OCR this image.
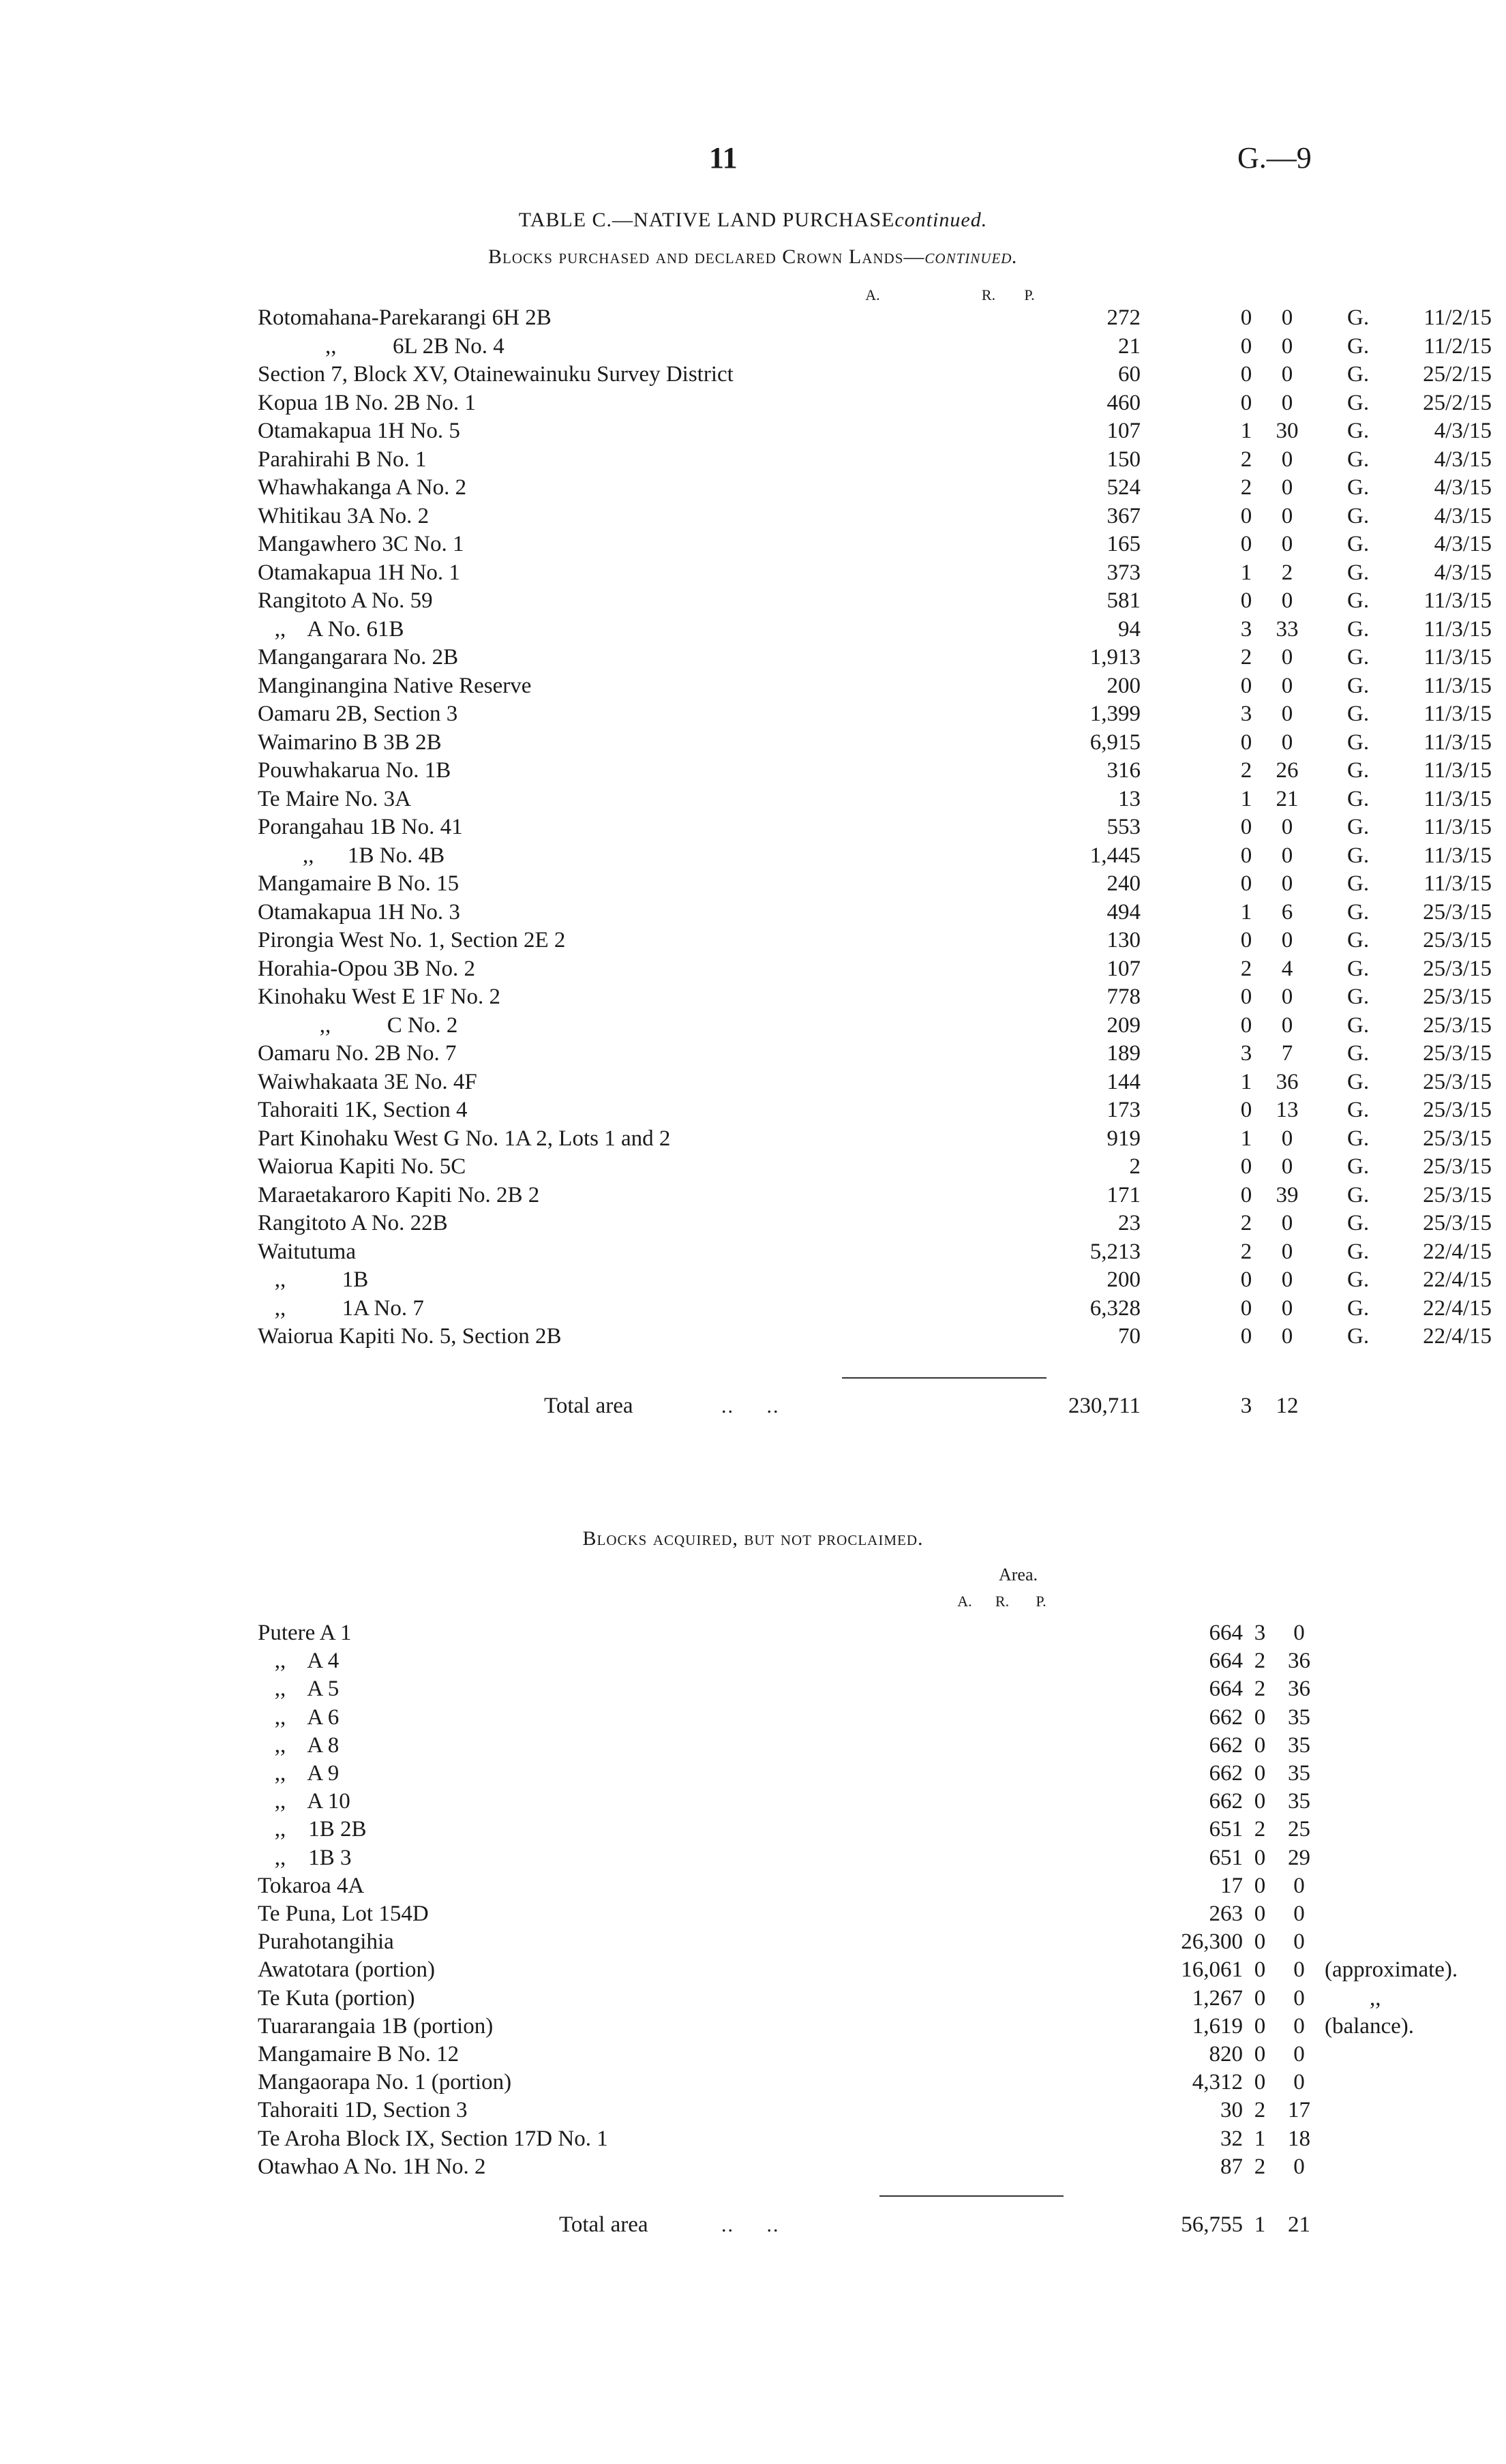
11	G.—9
TABLE C.—NATIVE LAND PURCHASEcontinued.
Blocks purchased and declared Crown Lands—continued.
A.	R.	P.
Rotomahana-Parekarangi 6H 2B	272	0	0	G.	11/2/15
,,          6L 2B No. 4	21	0	0	G.	11/2/15
Section 7, Block XV, Otainewainuku Survey District	60	0	0	G.	25/2/15
Kopua 1B No. 2B No. 1	460	0	0	G.	25/2/15
Otamakapua 1H No. 5	107	1	30 G.	4/3/15
Parahirahi B No. 1	150	2	0	G.	4/3/15
Whawhakanga A No. 2	524	2	0	G.	4/3/15
Whitikau 3A No. 2	367	0	0	G.	4/3/15
Mangawhero 3C No. 1	165	0	0	G.	4/3/15
Otamakapua 1H No. 1	373	1	2	G.	4/3/15
Rangitoto A No. 59	581	0	0	G.	11/3/15
,,    A No. 61B	94	3	33 G.	11/3/15
Mangangarara No. 2B	1,913	2	0	G.	11/3/15
Manginangina Native Reserve	200	0	0	G.	11/3/15
Oamaru 2B, Section 3	1,399	3	0	G.	11/3/15
Waimarino B 3B 2B	6,915	0	0	G.	11/3/15
Pouwhakarua No. 1B	316	2	26 G.	11/3/15
Te Maire No. 3A	13	1	21 G.	11/3/15
Porangahau 1B No. 41	553	0	0	G.	11/3/15
,,      1B No. 4B	1,445	0	0	G.	11/3/15
Mangamaire B No. 15	240	0	0	G.	11/3/15
Otamakapua 1H No. 3	494	1	6	G.	25/3/15
Pirongia West No. 1, Section 2E 2	130	0	0	G.	25/3/15
Horahia-Opou 3B No. 2	107	2	4	G.	25/3/15
Kinohaku West E 1F No. 2	778	0	0	G.	25/3/15
,,          C No. 2	209	0	0	G.	25/3/15
Oamaru No. 2B No. 7	189	3	7	G.	25/3/15
Waiwhakaata 3E No. 4F	144	1	36 G.	25/3/15
Tahoraiti 1K, Section 4	173	0	13 G.	25/3/15
Part Kinohaku West G No. 1A 2, Lots 1 and 2	919	1	0	G.	25/3/15
Waiorua Kapiti No. 5C	2	0	0	G.	25/3/15
Maraetakaroro Kapiti No. 2B 2	171	0	39 G.	25/3/15
Rangitoto A No. 22B	23	2	0	G.	25/3/15
Waitutuma	5,213	2	0	G.	22/4/15
,,          1B	200	0	0	G.	22/4/15
,,          1A No. 7	6,328	0	0	G.	22/4/15
Waiorua Kapiti No. 5, Section 2B	70	0	0	G.	22/4/15
Total area	..     ..	230,711	3	12
Blocks acquired, but not proclaimed.
Area.
A.	R.	P.
Putere A 1	664 3	0
,,    A 4	664 2 36
,,    A 5	664 2 36
,,    A 6	662 0 35
,,    A 8	662 0 35
,,    A 9	662 0 35
,,    A 10	662 0 35
,,    1B 2B	651 2 25
,,    1B 3	651 0 29
Tokaroa 4A	17 0	0
Te Puna, Lot 154D	263 0	0
Purahotangihia	26,300 0	0
Awatotara (portion)	16,061 0	0 (approximate).
Te Kuta (portion)	1,267 0	0 ,,
Tuararangaia 1B (portion)	1,619 0	0 (balance).
Mangamaire B No. 12	820 0	0
Mangaorapa No. 1 (portion)	4,312 0	0
Tahoraiti 1D, Section 3	30 2 17
Te Aroha Block IX, Section 17D No. 1	32 1 18
Otawhao A No. 1H No. 2	87 2	0
Total area	..     ..	56,755 1 21
